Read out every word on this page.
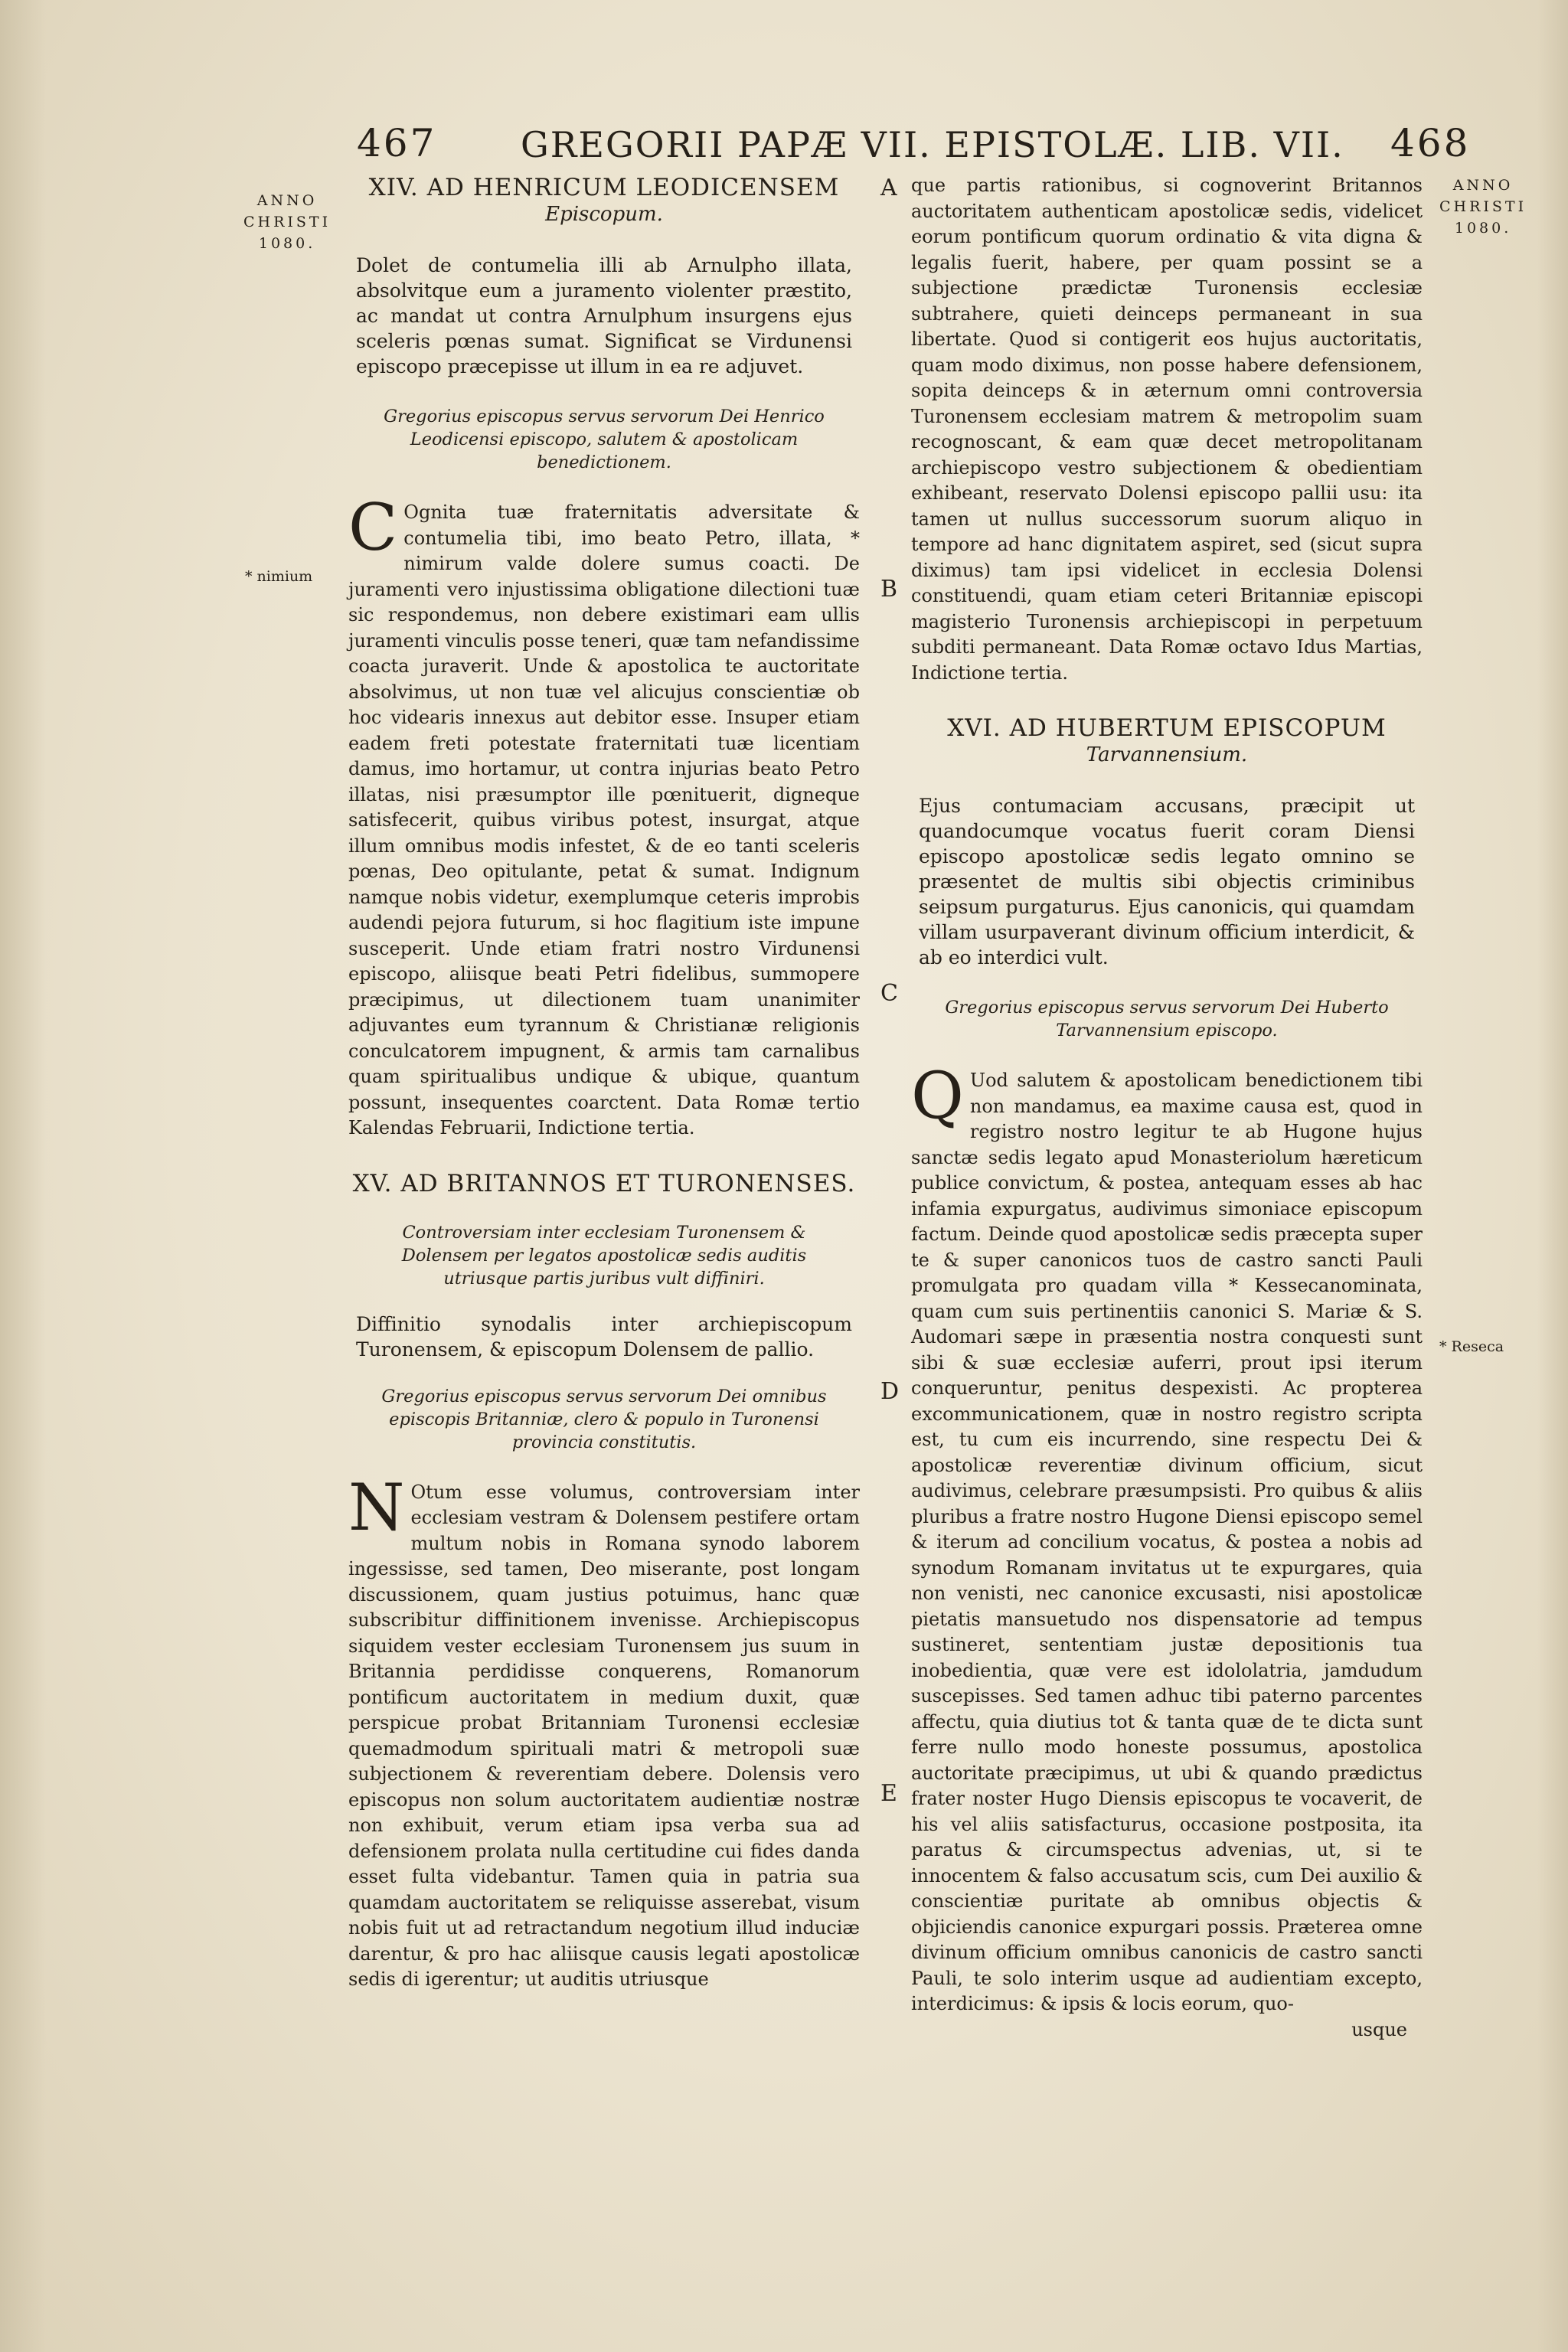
467 GREGORII PAPÆ VII. EPISTOLÆ. LIB. VII. 468
ANNO
CHRISTI
1080.
ANNO
CHRISTI
1080.
* nimium
* Reseca
A
B
C
D
E
XIV. AD HENRICUM LEODICENSEM
Episcopum.
Dolet de contumelia illi ab Arnulpho illata, absolvitque eum a juramento violenter præstito, ac mandat ut contra Arnulphum insurgens ejus sceleris pœnas sumat. Significat se Virdunensi episcopo præcepisse ut illum in ea re adjuvet.
Gregorius episcopus servus servorum Dei Henrico Leodicensi episcopo, salutem & apostolicam benedictionem.
C Ognita tuæ fraternitatis adversitate & contumelia tibi, imo beato Petro, illata, * nimirum valde dolere sumus coacti. De juramenti vero injustissima obligatione dilectioni tuæ sic respondemus, non debere existimari eam ullis juramenti vinculis posse teneri, quæ tam nefandissime coacta juraverit. Unde & apostolica te auctoritate absolvimus, ut non tuæ vel alicujus conscientiæ ob hoc videaris innexus aut debitor esse. Insuper etiam eadem freti potestate fraternitati tuæ licentiam damus, imo hortamur, ut contra injurias beato Petro illatas, nisi præsumptor ille pœnituerit, digneque satisfecerit, quibus viribus potest, insurgat, atque illum omnibus modis infestet, & de eo tanti sceleris pœnas, Deo opitulante, petat & sumat. Indignum namque nobis videtur, exemplumque ceteris improbis audendi pejora futurum, si hoc flagitium iste impune susceperit. Unde etiam fratri nostro Virdunensi episcopo, aliisque beati Petri fidelibus, summopere præcipimus, ut dilectionem tuam unanimiter adjuvantes eum tyrannum & Christianæ religionis conculcatorem impugnent, & armis tam carnalibus quam spiritualibus undique & ubique, quantum possunt, insequentes coarctent. Data Romæ tertio Kalendas Februarii, Indictione tertia.

XV. AD BRITANNOS ET TURONENSES.
Controversiam inter ecclesiam Turonensem & Dolensem per legatos apostolicæ sedis auditis utriusque partis juribus vult diffiniri.
Diffinitio synodalis inter archiepiscopum Turonensem, & episcopum Dolensem de pallio.
Gregorius episcopus servus servorum Dei omnibus episcopis Britanniæ, clero & populo in Turonensi provincia constitutis.
N Otum esse volumus, controversiam inter ecclesiam vestram & Dolensem pestifere ortam multum nobis in Romana synodo laborem ingessisse, sed tamen, Deo miserante, post longam discussionem, quam justius potuimus, hanc quæ subscribitur diffinitionem invenisse. Archiepiscopus siquidem vester ecclesiam Turonensem jus suum in Britannia perdidisse conquerens, Romanorum pontificum auctoritatem in medium duxit, quæ perspicue probat Britanniam Turonensi ecclesiæ quemadmodum spirituali matri & metropoli suæ subjectionem & reverentiam debere. Dolensis vero episcopus non solum auctoritatem audientiæ nostræ non exhibuit, verum etiam ipsa verba sua ad defensionem prolata nulla certitudine cui fides danda esset fulta videbantur. Tamen quia in patria sua quamdam auctoritatem se reliquisse asserebat, visum nobis fuit ut ad retractandum negotium illud induciæ darentur, & pro hac aliisque causis legati apostolicæ sedis di igerentur; ut auditis utriusque

que partis rationibus, si cognoverint Britannos auctoritatem authenticam apostolicæ sedis, videlicet eorum pontificum quorum ordinatio & vita digna & legalis fuerit, habere, per quam possint se a subjectione prædictæ Turonensis ecclesiæ subtrahere, quieti deinceps permaneant in sua libertate. Quod si contigerit eos hujus auctoritatis, quam modo diximus, non posse habere defensionem, sopita deinceps & in æternum omni controversia Turonensem ecclesiam matrem & metropolim suam recognoscant, & eam quæ decet metropolitanam archiepiscopo vestro subjectionem & obedientiam exhibeant, reservato Dolensi episcopo pallii usu: ita tamen ut nullus successorum suorum aliquo in tempore ad hanc dignitatem aspiret, sed (sicut supra diximus) tam ipsi videlicet in ecclesia Dolensi constituendi, quam etiam ceteri Britanniæ episcopi magisterio Turonensis archiepiscopi in perpetuum subditi permaneant. Data Romæ octavo Idus Martias, Indictione tertia.

XVI. AD HUBERTUM EPISCOPUM
Tarvannensium.
Ejus contumaciam accusans, præcipit ut quandocumque vocatus fuerit coram Diensi episcopo apostolicæ sedis legato omnino se præsentet de multis sibi objectis criminibus seipsum purgaturus. Ejus canonicis, qui quamdam villam usurpaverant divinum officium interdicit, & ab eo interdici vult.
Gregorius episcopus servus servorum Dei Huberto Tarvannensium episcopo.
Q Uod salutem & apostolicam benedictionem tibi non mandamus, ea maxime causa est, quod in registro nostro legitur te ab Hugone hujus sanctæ sedis legato apud Monasteriolum hæreticum publice convictum, & postea, antequam esses ab hac infamia expurgatus, audivimus simoniace episcopum factum. Deinde quod apostolicæ sedis præcepta super te & super canonicos tuos de castro sancti Pauli promulgata pro quadam villa * Kessecanominata, quam cum suis pertinentiis canonici S. Mariæ & S. Audomari sæpe in præsentia nostra conquesti sunt sibi & suæ ecclesiæ auferri, prout ipsi iterum conqueruntur, penitus despexisti. Ac propterea excommunicationem, quæ in nostro registro scripta est, tu cum eis incurrendo, sine respectu Dei & apostolicæ reverentiæ divinum officium, sicut audivimus, celebrare præsumpsisti. Pro quibus & aliis pluribus a fratre nostro Hugone Diensi episcopo semel & iterum ad concilium vocatus, & postea a nobis ad synodum Romanam invitatus ut te expurgares, quia non venisti, nec canonice excusasti, nisi apostolicæ pietatis mansuetudo nos dispensatorie ad tempus sustineret, sententiam justæ depositionis tua inobedientia, quæ vere est idololatria, jamdudum suscepisses. Sed tamen adhuc tibi paterno parcentes affectu, quia diutius tot & tanta quæ de te dicta sunt ferre nullo modo honeste possumus, apostolica auctoritate præcipimus, ut ubi & quando prædictus frater noster Hugo Diensis episcopus te vocaverit, de his vel aliis satisfacturus, occasione postposita, ita paratus & circumspectus advenias, ut, si te innocentem & falso accusatum scis, cum Dei auxilio & conscientiæ puritate ab omnibus objectis & objiciendis canonice expurgari possis. Præterea omne divinum officium omnibus canonicis de castro sancti Pauli, te solo interim usque ad audientiam excepto, interdicimus: & ipsis & locis eorum, quo-

usque
